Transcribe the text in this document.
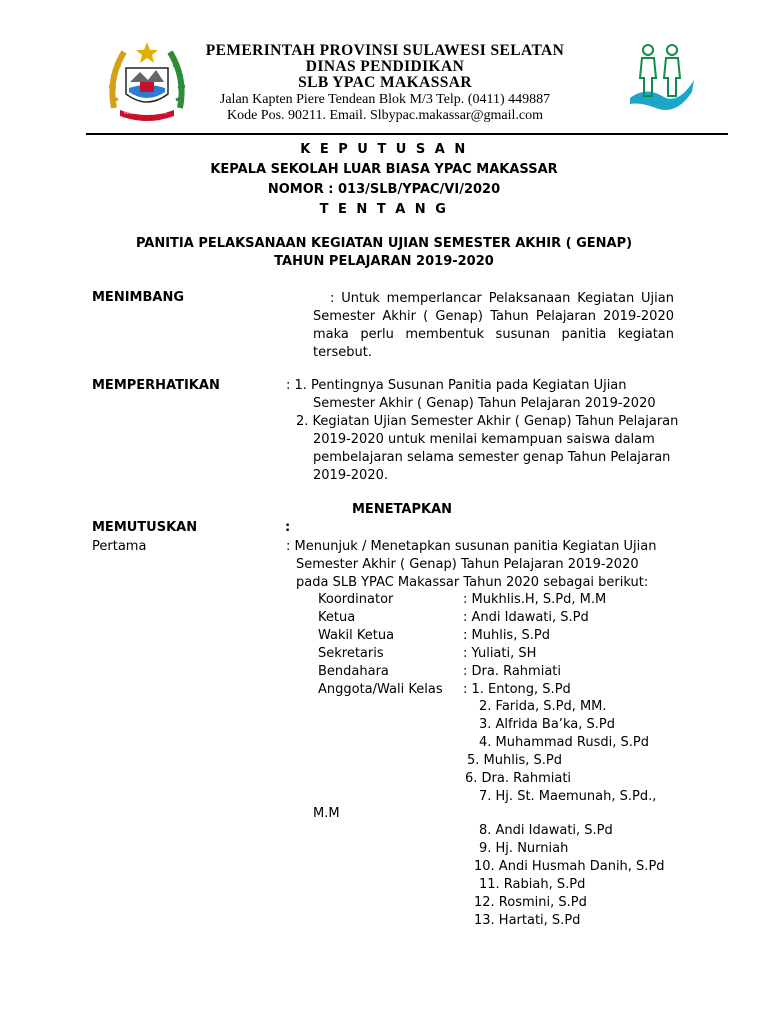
SULAWESI SELATAN
PEMERINTAH PROVINSI SULAWESI SELATAN
DINAS PENDIDIKAN
SLB YPAC MAKASSAR
Jalan Kapten Piere Tendean Blok M/3 Telp. (0411) 449887
Kode Pos. 90211. Email. Slbypac.makassar@gmail.com
K E P U T U S A N
KEPALA SEKOLAH LUAR BIASA YPAC MAKASSAR
NOMOR : 013/SLB/YPAC/VI/2020
T E N T A N G
PANITIA PELAKSANAAN KEGIATAN UJIAN SEMESTER AKHIR ( GENAP)
TAHUN PELAJARAN 2019-2020
MENIMBANG	: Untuk memperlancar Pelaksanaan Kegiatan Ujian Semester Akhir ( Genap) Tahun Pelajaran 2019-2020 maka perlu membentuk susunan panitia kegiatan tersebut.
MEMPERHATIKAN	: 1. Pentingnya Susunan Panitia pada Kegiatan Ujian
Semester Akhir ( Genap) Tahun Pelajaran 2019-2020
2. Kegiatan Ujian Semester Akhir ( Genap) Tahun Pelajaran
2019-2020 untuk menilai kemampuan saiswa dalam
pembelajaran selama semester genap Tahun Pelajaran
2019-2020.
MENETAPKAN
MEMUTUSKAN	:
Pertama	: Menunjuk / Menetapkan susunan panitia Kegiatan Ujian
Semester Akhir ( Genap) Tahun Pelajaran 2019-2020
pada SLB YPAC Makassar Tahun 2020 sebagai berikut:
Koordinator	: Mukhlis.H, S.Pd, M.M
Ketua	: Andi Idawati, S.Pd
Wakil Ketua	: Muhlis, S.Pd
Sekretaris	: Yuliati, SH
Bendahara	: Dra. Rahmiati
Anggota/Wali Kelas : 1. Entong, S.Pd
2. Farida, S.Pd, MM.
3. Alfrida Ba’ka, S.Pd
4. Muhammad Rusdi, S.Pd
5. Muhlis, S.Pd
6. Dra. Rahmiati
7. Hj. St. Maemunah, S.Pd.,
M.M
8. Andi Idawati, S.Pd
9. Hj. Nurniah
10. Andi Husmah Danih, S.Pd
11. Rabiah, S.Pd
12. Rosmini, S.Pd
13. Hartati, S.Pd
